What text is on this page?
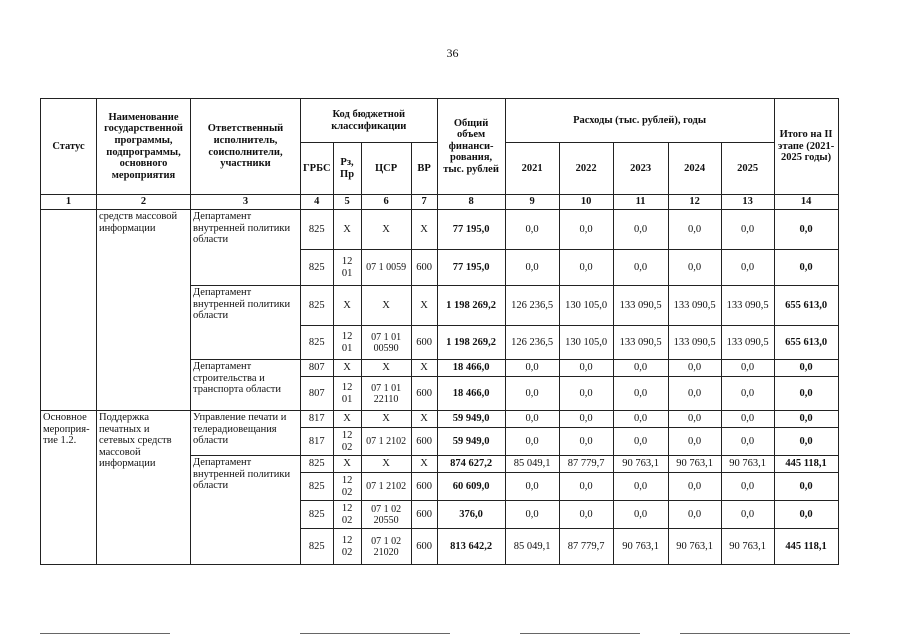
36
Статус	Наименование государственной программы, подпрограммы, основного мероприятия	Ответственный исполнитель, соисполнители, участники	Код бюджетной классификации				Общий объем финанси-рования, тыс. рублей	Расходы (тыс. рублей), годы					Итого на II этапе (2021-2025 годы)
			ГРБС	Рз, Пр	ЦСР	ВР		2021	2022	2023	2024	2025	
1	2	3	4	5	6	7	8	9	10	11	12	13	14
	средств массовой информации	Департамент внутренней политики области	825	Х	Х	Х	77 195,0	0,0	0,0	0,0	0,0	0,0	0,0
			825	12 01	07 1 0059	600	77 195,0	0,0	0,0	0,0	0,0	0,0	0,0
		Департамент внутренней политики области	825	Х	Х	Х	1 198 269,2	126 236,5	130 105,0	133 090,5	133 090,5	133 090,5	655 613,0
			825	12 01	07 1 01 00590	600	1 198 269,2	126 236,5	130 105,0	133 090,5	133 090,5	133 090,5	655 613,0
		Департамент строительства и транспорта области	807	Х	Х	Х	18 466,0	0,0	0,0	0,0	0,0	0,0	0,0
			807	12 01	07 1 01 22110	600	18 466,0	0,0	0,0	0,0	0,0	0,0	0,0
Основное мероприя-тие 1.2.	Поддержка печатных и сетевых средств массовой информации	Управление печати и телерадиовещания области	817	Х	Х	Х	59 949,0	0,0	0,0	0,0	0,0	0,0	0,0
			817	12 02	07 1 2102	600	59 949,0	0,0	0,0	0,0	0,0	0,0	0,0
		Департамент внутренней политики области	825	Х	Х	Х	874 627,2	85 049,1	87 779,7	90 763,1	90 763,1	90 763,1	445 118,1
			825	12 02	07 1 2102	600	60 609,0	0,0	0,0	0,0	0,0	0,0	0,0
			825	12 02	07 1 02 20550	600	376,0	0,0	0,0	0,0	0,0	0,0	0,0
			825	12 02	07 1 02 21020	600	813 642,2	85 049,1	87 779,7	90 763,1	90 763,1	90 763,1	445 118,1
